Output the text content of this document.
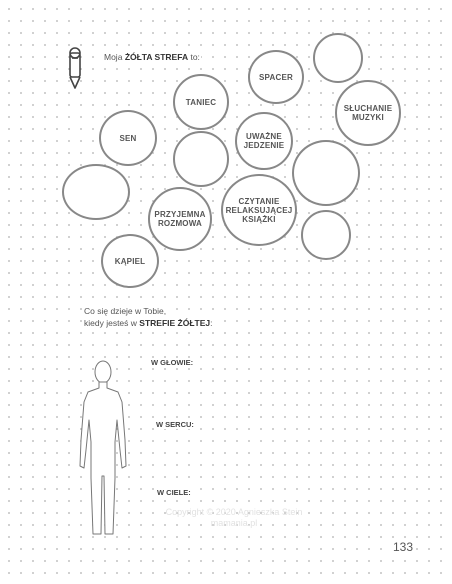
Moja ŻÓŁTA STREFA to:
SPACER
TANIEC
SŁUCHANIE
MUZYKI
SEN	UWAŻNE
JEDZENIE
CZYTANIE
RELAKSUJĄCEJ
KSIĄŻKI
PRZYJEMNA
ROZMOWA
KĄPIEL
Co się dzieje w Tobie,
kiedy jesteś w STREFIE ŻÓŁTEJ:
W GŁOWIE:
W SERCU:
W CIELE:
Copyright © 2020 Agnieszka Stein
mamania.pl
133
